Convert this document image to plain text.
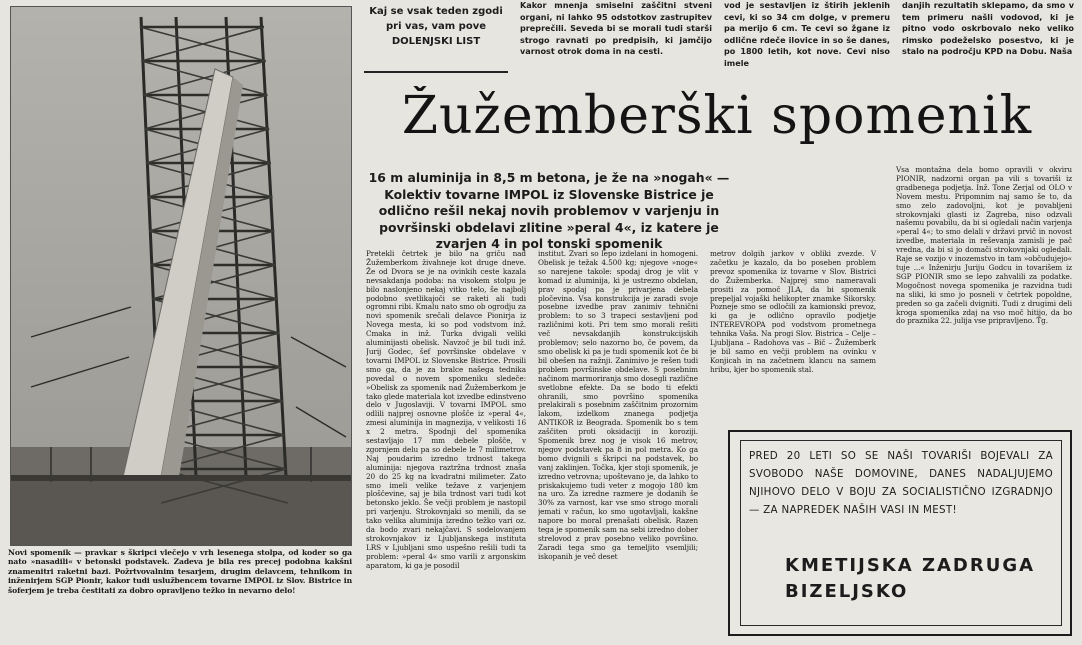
Novi spomenik — pravkar s škripci vlečejo v vrh lesenega stolpa, od koder so ga nato »nasadili« v betonski podstavek. Zadeva je bila res precej podobna kakšni znamenitri raketni bazi. Požrtvovalnim tesarjem, drugim delavcem, tehnikom in inženirjem SGP Pionir, kakor tudi uslužbencem tovarne IMPOL iz Slov. Bistrice in šoferjem je treba čestitati za dobro opravljeno težko in nevarno delo!
Kaj se vsak teden zgodi
pri vas, vam pove
DOLENJSKI LIST
Kakor mnenja smiselni zaščitni stveni organi, ni lahko 95 odstotkov zastrupitev preprečili. Seveda bi se morali tudi starši strogo ravnati po predpisih, ki jamčijo varnost otrok doma in na cesti.
vod je sestavljen iz štirih jeklenih cevi, ki so 34 cm dolge, v premeru pa merijo 6 cm. Te cevi so žgane iz odlične rdeče ilovice in so še danes, po 1800 letih, kot nove. Cevi niso imele
danjih rezultatih sklepamo, da smo v tem primeru našli vodovod, ki je pitno vodo oskrbovalo neko veliko rimsko podeželsko posestvo, ki je stalo na področju KPD na Dobu. Naša
Žužemberški spomenik
16 m aluminija in 8,5 m betona, je že na »nogah« — Kolektiv tovarne IMPOL iz Slovenske Bistrice je odlično rešil nekaj novih problemov v varjenju in površinski obdelavi zlitine »peral 4«, iz katere je zvarjen 4 in pol tonski spomenik
Pretekli četrtek je bilo na griču nad Žužemberkom živahneje kot druge dneve. Že od Dvora se je na ovinkih ceste kazala nevsakdanja podoba: na visokem stolpu je bilo naslonjeno nekaj vitko telo, še najbolj podobno svetlikajoči se raketi ali tudi ogromni ribi. Kmalu nato smo ob ogrodju za novi spomenik srečali delavce Pionirja iz Novega mesta, ki so pod vodstvom inž. Cmaka in inž. Turka dvigali veliki aluminijasti obelisk. Navzoč je bil tudi inž. Jurij Godec, šef površinske obdelave v tovarni IMPOL iz Slovenske Bistrice. Prosili smo ga, da je za bralce našega tednika povedal o novem spomeniku sledeče: »Obelisk za spomenik nad Žužemberkom je tako glede materiala kot izvedbe edinstveno delo v Jugoslaviji. V tovarni IMPOL smo odlili najprej osnovne plošče iz »peral 4«, zmesi aluminija in magnezija, v velikosti 16 x 2 metra. Spodnji del spomenika sestavljajo 17 mm debele plošče, v zgornjem delu pa so debele le 7 milimetrov. Naj poudarim izredno trdnost takega aluminija: njegova raztržna trdnost znaša 20 do 25 kg na kvadratni milimeter. Zato smo imeli velike težave z varjenjem ploščevine, saj je bila trdnost vari tudi kot betonsko jeklo. Še večji problem je nastopil pri varjenju. Strokovnjaki so menili, da se tako velika aluminija izredno težko vari oz. da bodo zvari nekajčavi. S sodelovanjem strokovnjakov iz Ljubljanskega instituta LRS v Ljubljani smo uspešno rešili tudi ta problem: »peral 4« smo varili z argonskim aparatom, ki ga je posodil
institut. Zvari so lepo izdelani in homogeni. Obelisk je težak 4.500 kg; njegove »noge« so narejene takole: spodaj drog je vlit v komad iz aluminija, ki je ustrezno obdelan, prav spodaj pa je privarjena debela pločevina. Vsa konstrukcija je zaradi svoje posebne izvedbe prav zanimiv tehnični problem: to so 3 trapeci sestavljeni pod različnimi koti. Pri tem smo morali rešiti več nevsakdanjih konstrukcijskih problemov; selo nazorno bo, če povem, da smo obelisk ki pa je tudi spomenik kot če bi bil obešen na ražnji. Zanimivo je rešen tudi problem površinske obdelave. S posebnim načinom marmoriranja smo dosegli različne svetlobne efekte. Da se bodo ti efekti ohranili, smo površino spomenika prelakirali s posebnim zaščitnim prozornim lakom, izdelkom znanega podjetja ANTIKOR iz Beograda. Spomenik bo s tem zaščiten proti oksidaciji in koroziji. Spomenik brez nog je visok 16 metrov, njegov podstavek pa 8 in pol metra. Ko ga bomo dvignili s škripci na podstavek, bo vanj zaklinjen. Točka, kjer stoji spomenik, je izredno vetrovna; upoštevano je, da lahko to priskakujemo tudi veter z mogojo 180 km na uro. Za izredne razmere je dodanih še 30% za varnost, kar vse smo strogo morali jemati v račun, ko smo ugotavljali, kakšne napore bo moral prenašati obelisk. Razen tega je spomenik sam na sebi izredno dober strelovod z prav posebno veliko površino. Zaradi tega smo ga temeljito vsemljili; iskopanih je več deset
metrov dolgih jarkov v obliki zvezde. V začetku je kazalo, da bo poseben problem prevoz spomenika iz tovarne v Slov. Bistrici do Žužemberka. Najprej smo nameravali prositi za pomoč JLA, da bi spomenik prepeljal vojaški helikopter znamke Sikorsky. Pozneje smo se odločili za kamionski prevoz, ki ga je odlično opravilo podjetje INTEREVROPA pod vodstvom prometnega tehnika Vaša. Na progi Slov. Bistrica – Celje – Ljubljana – Radohova vas – Bič – Žužemberk je bil samo en večji problem na ovinku v Konjicah in na začetnem klancu na samem hribu, kjer bo spomenik stal.
Vsa montažna dela bomo opravili v okviru PIONIR, nadzorni organ pa vili s tovariši iz gradbenega podjetja. Inž. Tone Zerjal od OLO v Novem mestu. Pripomnim naj samo še to, da smo zelo zadovoljni, kot je povabljeni strokovnjaki glasti iz Zagreba, niso odzvali našemu povabilu, da bi si ogledali način varjenja »peral 4«; to smo delali v državi prvič in novost izvedbe, materiala in reševanja zamisli je pač vredna, da bi si jo domači strokovnjaki ogledali. Raje se vozijo v inozemstvo in tam »občudujejo« tuje ...« Inženirju Juriju Godcu in tovarišem iz SGP PIONIR smo se lepo zahvalili za podatke. Mogočnost novega spomenika je razvidna tudi na sliki, ki smo jo posneli v četrtek popoldne, preden so ga začeli dvigniti. Tudi z drugimi deli kroga spomenika zdaj na vso moč hitijo, da bo do praznika 22. julija vse pripravljeno. Tg.
PRED 20 LETI SO SE NAŠI TOVARIŠI BOJEVALI ZA SVOBODO NAŠE DOMOVINE, DANES NADALJUJEMO NJIHOVO DELO V BOJU ZA SOCIALISTIČNO IZGRADNJO — ZA NAPREDEK NAŠIH VASI IN MEST!
KMETIJSKA ZADRUGA
BIZELJSKO
